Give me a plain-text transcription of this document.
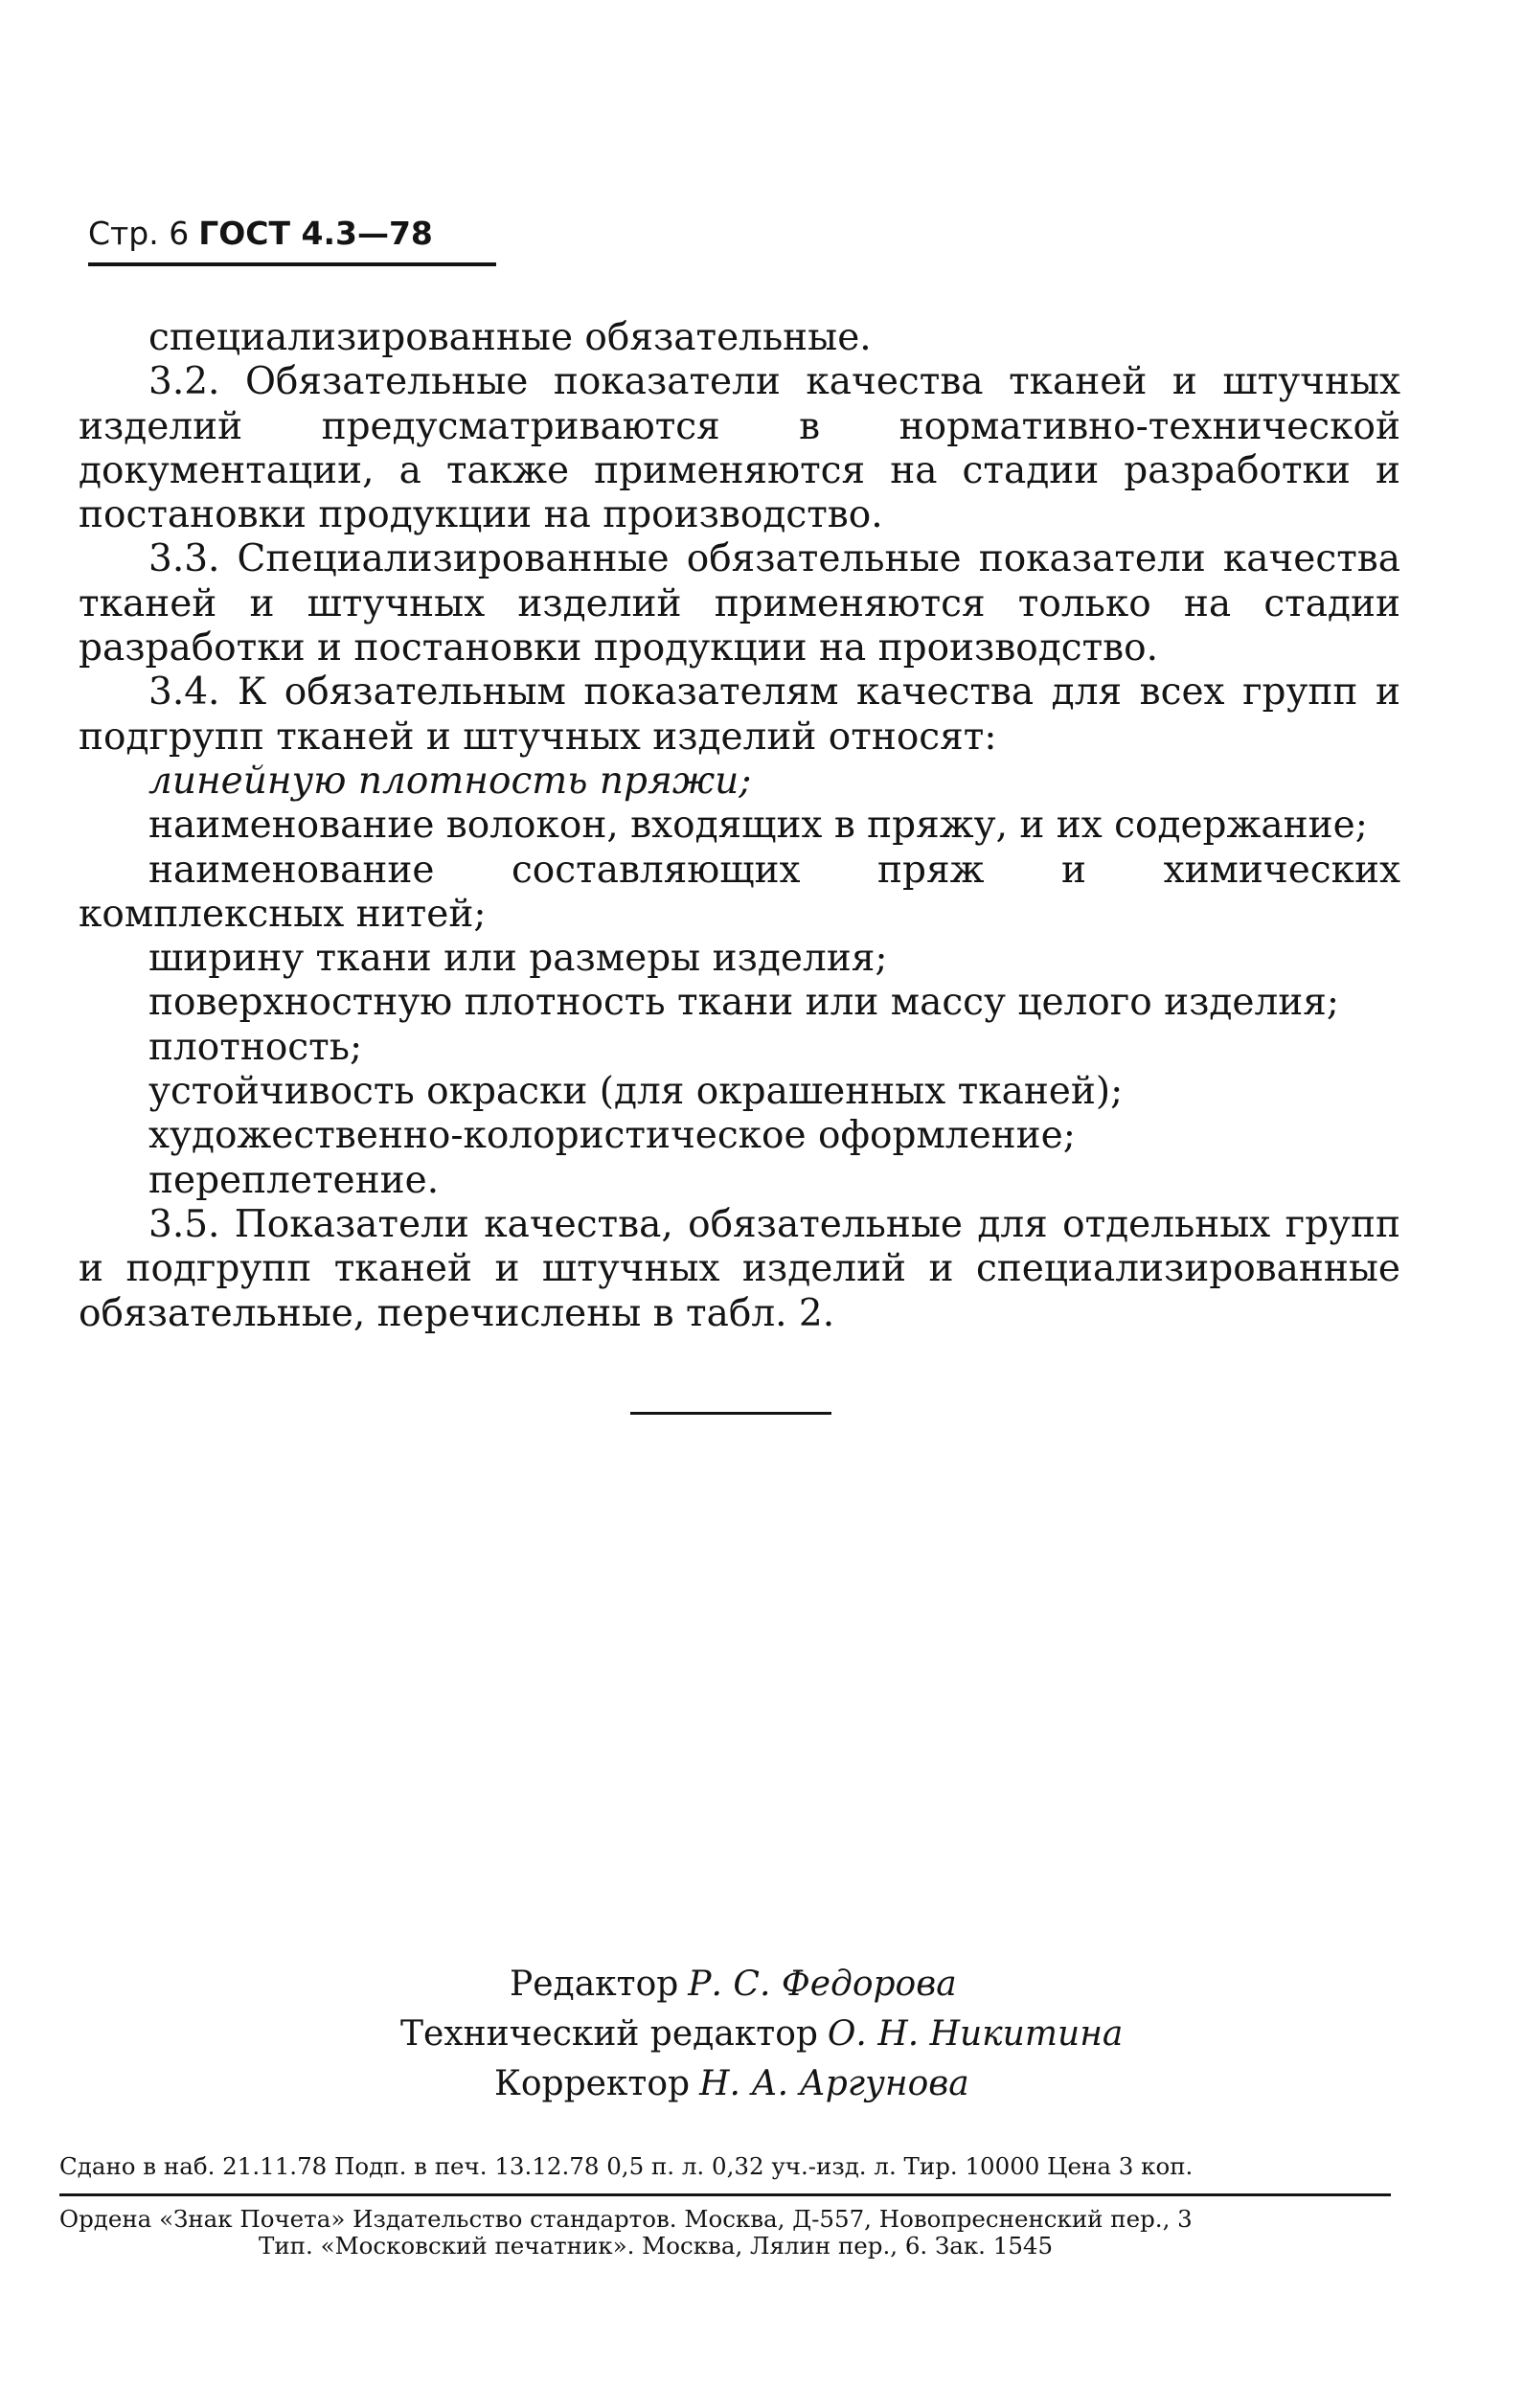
Стр. 6 ГОСТ 4.3—78

специализированные обязательные.

3.2. Обязательные показатели качества тканей и штучных изделий предусматриваются в нормативно-технической документации, а также применяются на стадии разработки и постановки продукции на производство.

3.3. Специализированные обязательные показатели качества тканей и штучных изделий применяются только на стадии разработки и постановки продукции на производство.

3.4. К обязательным показателям качества для всех групп и подгрупп тканей и штучных изделий относят:

линейную плотность пряжи;

наименование волокон, входящих в пряжу, и их содержание;

наименование составляющих пряж и химических комплексных нитей;

ширину ткани или размеры изделия;

поверхностную плотность ткани или массу целого изделия;

плотность;

устойчивость окраски (для окрашенных тканей);

художественно-колористическое оформление;

переплетение.

3.5. Показатели качества, обязательные для отдельных групп и подгрупп тканей и штучных изделий и специализированные обязательные, перечислены в табл. 2.

Редактор Р. С. Федорова
Технический редактор О. Н. Никитина
Корректор Н. А. Аргунова
Сдано в наб. 21.11.78 Подп. в печ. 13.12.78 0,5 п. л. 0,32 уч.-изд. л. Тир. 10000 Цена 3 коп.
Ордена «Знак Почета» Издательство стандартов. Москва, Д-557, Новопресненский пер., 3
Тип. «Московский печатник». Москва, Лялин пер., 6. Зак. 1545
